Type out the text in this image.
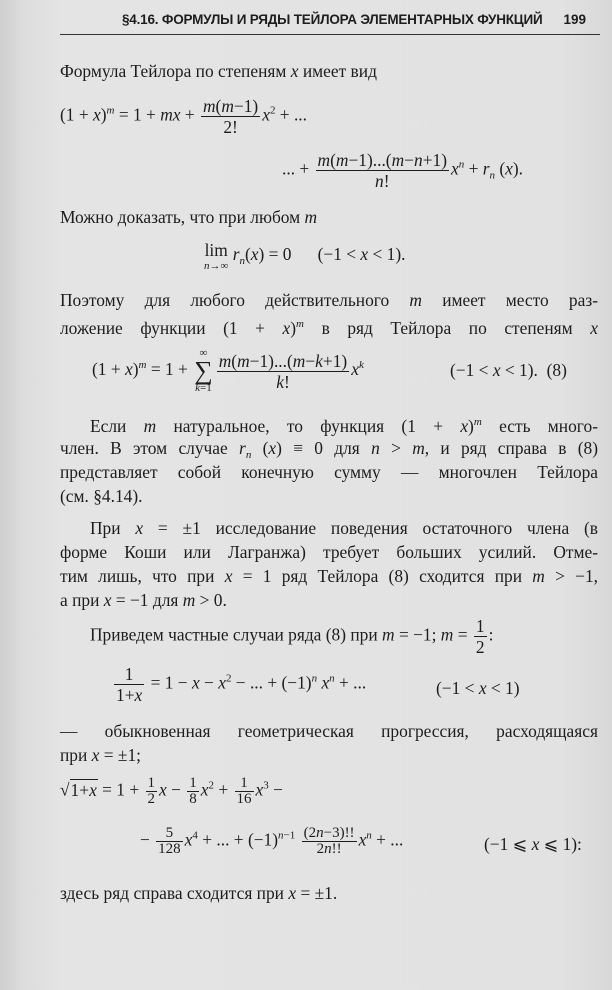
§4.16. ФОРМУЛЫ И РЯДЫ ТЕЙЛОРА ЭЛЕМЕНТАРНЫХ ФУНКЦИЙ 199
Формула Тейлора по степеням x имеет вид
$(1 + x)^m = 1$ + mx + $\frac{m(m-1)}{2!} x^2$ + ...
... + $\frac{m(m-1)...(m-n+1)}{n!} x^n + r_n$ (x).
Можно доказать, что при любом m
lim
n→∞
$r_n(x) = 0$      (−1 < x < 1).
Поэтому для любого действительного m имеет место раз-
ложение функции $(1 + x)^m$ в ряд Тейлора по степеням x
$(1 + x)^m = 1$ +
∞
∑
$k=1 \frac{m(m-1)...(m-k+1)}{k!} x^k$	(−1 < x < 1).  (8)
Если m натуральное, то функция $(1 + x)^m$ есть много-
член. В этом случае $r_n$ (x) ≡ 0 для n > m, и ряд справа в (8)
представляет собой конечную сумму — многочлен Тейлора
(см. §4.14).
При x = ±1 исследование поведения остаточного члена (в
форме Коши или Лагранжа) требует больших усилий. Отме-
тим лишь, что при x = 1 ряд Тейлора (8) сходится при m > −1,
а при x = −1 для m > 0.
Приведем частные случаи ряда (8) при m = −1; $m = \frac{1}{2}$ :
$\frac{1}{1+x} = 1 - x - x^2$ − ... + $(-1)^n$ $x^n$ + ...	(−1 < x < 1)
— обыкновенная геометрическая прогрессия, расходящаяся
при x = ±1;
$√1+x = 1 + \frac{1}{2}$ $x - \frac{1}{8} x^2 + \frac{1}{16} x^3$ −
− $\frac{5}{128} x^4$ + ... + $(-1)^{n-1} \frac{(2n-3)!!}{2n!!} x^n$ + ...	(−1 ⩽ x ⩽ 1):
здесь ряд справа сходится при x = ±1.
